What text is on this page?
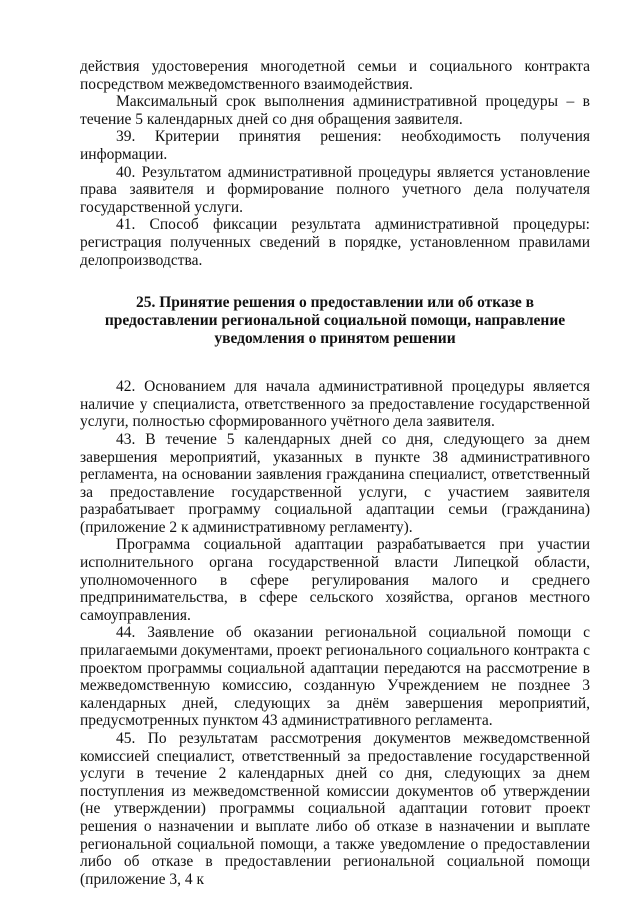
действия удостоверения многодетной семьи и социального контракта посредством межведомственного взаимодействия.

Максимальный срок выполнения административной процедуры – в течение 5 календарных дней со дня обращения заявителя.

39. Критерии принятия решения: необходимость получения информации.

40. Результатом административной процедуры является установление права заявителя и формирование полного учетного дела получателя государственной услуги.

41. Способ фиксации результата административной процедуры: регистрация полученных сведений в порядке, установленном правилами делопроизводства.

25. Принятие решения о предоставлении или об отказе в предоставлении региональной социальной помощи, направление уведомления о принятом решении

42. Основанием для начала административной процедуры является наличие у специалиста, ответственного за предоставление государственной услуги, полностью сформированного учётного дела заявителя.

43. В течение 5 календарных дней со дня, следующего за днем завершения мероприятий, указанных в пункте 38 административного регламента, на основании заявления гражданина специалист, ответственный за предоставление государственной услуги, с участием заявителя разрабатывает программу социальной адаптации семьи (гражданина) (приложение 2 к административному регламенту).

Программа социальной адаптации разрабатывается при участии исполнительного органа государственной власти Липецкой области, уполномоченного в сфере регулирования малого и среднего предпринимательства, в сфере сельского хозяйства, органов местного самоуправления.

44. Заявление об оказании региональной социальной помощи с прилагаемыми документами, проект регионального социального контракта с проектом программы социальной адаптации передаются на рассмотрение в межведомственную комиссию, созданную Учреждением не позднее 3 календарных дней, следующих за днём завершения мероприятий, предусмотренных пунктом 43 административного регламента.

45. По результатам рассмотрения документов межведомственной комиссией специалист, ответственный за предоставление государственной услуги в течение 2 календарных дней со дня, следующих за днем поступления из межведомственной комиссии документов об утверждении (не утверждении) программы социальной адаптации готовит проект решения о назначении и выплате либо об отказе в назначении и выплате региональной социальной помощи, а также уведомление о предоставлении либо об отказе в предоставлении региональной социальной помощи (приложение 3, 4 к
